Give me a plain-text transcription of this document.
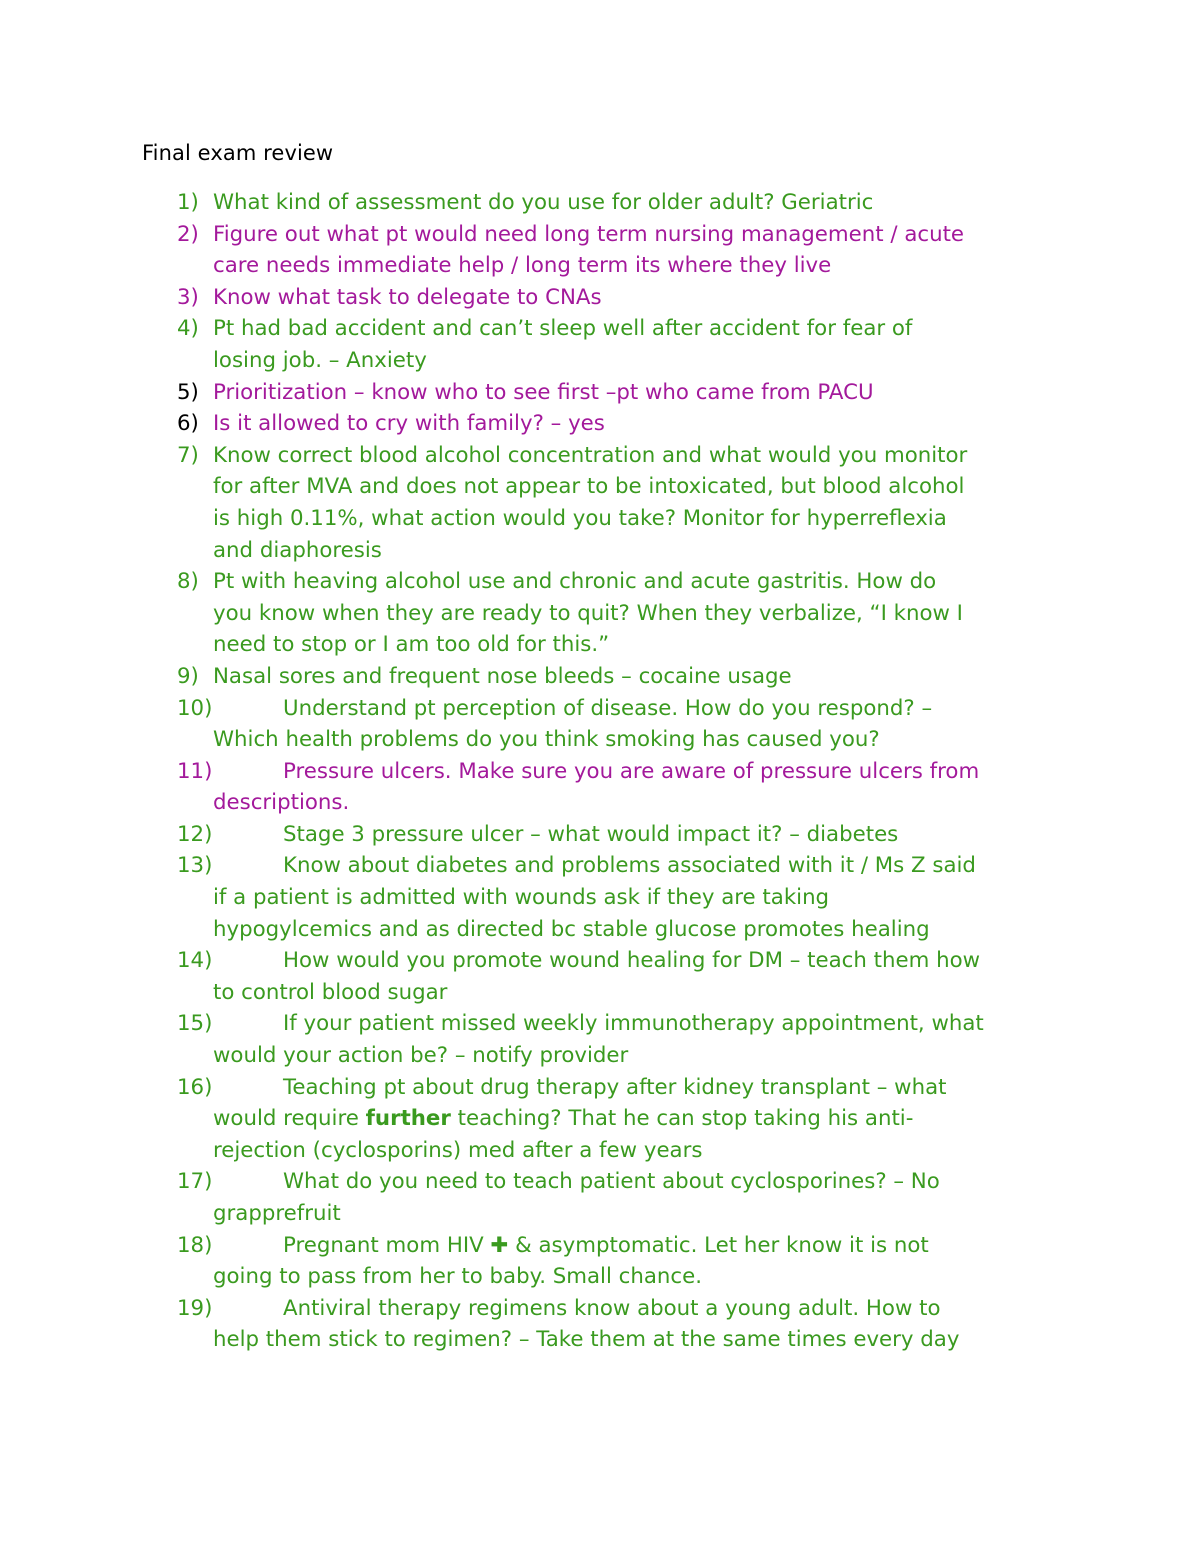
Final exam review
1) What kind of assessment do you use for older adult? Geriatric
2) Figure out what pt would need long term nursing management / acute
care needs immediate help / long term its where they live
3) Know what task to delegate to CNAs
4) Pt had bad accident and can’t sleep well after accident for fear of
losing job. – Anxiety
5) Prioritization – know who to see first –pt who came from PACU
6) Is it allowed to cry with family? – yes
7) Know correct blood alcohol concentration and what would you monitor
for after MVA and does not appear to be intoxicated, but blood alcohol
is high 0.11%, what action would you take? Monitor for hyperreflexia
and diaphoresis
8) Pt with heaving alcohol use and chronic and acute gastritis. How do
you know when they are ready to quit? When they verbalize, “I know I
need to stop or I am too old for this.”
9) Nasal sores and frequent nose bleeds – cocaine usage
10)	Understand pt perception of disease. How do you respond? –
Which health problems do you think smoking has caused you?
11)	Pressure ulcers. Make sure you are aware of pressure ulcers from
descriptions.
12)	Stage 3 pressure ulcer – what would impact it? – diabetes
13)	Know about diabetes and problems associated with it / Ms Z said
if a patient is admitted with wounds ask if they are taking
hypogylcemics and as directed bc stable glucose promotes healing
14)	How would you promote wound healing for DM – teach them how
to control blood sugar
15)	If your patient missed weekly immunotherapy appointment, what
would your action be? – notify provider
16)	Teaching pt about drug therapy after kidney transplant – what
would require further teaching? That he can stop taking his anti-
rejection (cyclosporins) med after a few years
17)	What do you need to teach patient about cyclosporines? – No
grapprefruit
18)	Pregnant mom HIV ✚ & asymptomatic. Let her know it is not
going to pass from her to baby. Small chance.
19)	Antiviral therapy regimens know about a young adult. How to
help them stick to regimen? – Take them at the same times every day
